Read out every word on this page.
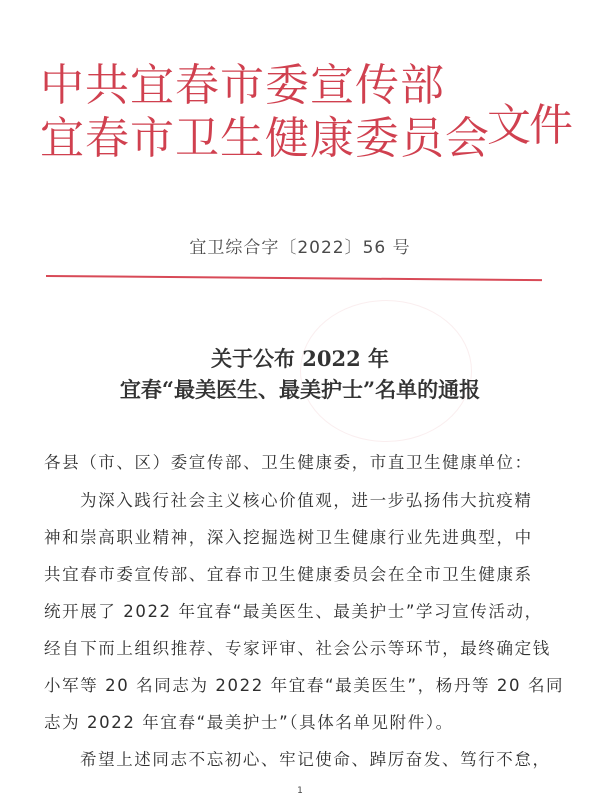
中共宜春市委宣传部
宜春市卫生健康委员会
文件
宜卫综合字〔2022〕56 号
关于公布 2022 年
宜春“最美医生、最美护士”名单的通报
各县（市、区）委宣传部、卫生健康委，市直卫生健康单位：
为深入践行社会主义核心价值观，进一步弘扬伟大抗疫精
神和崇高职业精神，深入挖掘选树卫生健康行业先进典型，中
共宜春市委宣传部、宜春市卫生健康委员会在全市卫生健康系
统开展了 2022 年宜春“最美医生、最美护士”学习宣传活动，
经自下而上组织推荐、专家评审、社会公示等环节，最终确定钱
小军等 20 名同志为 2022 年宜春“最美医生”，杨丹等 20 名同
志为 2022 年宜春“最美护士”（具体名单见附件）。
希望上述同志不忘初心、牢记使命、踔厉奋发、笃行不怠，
1
